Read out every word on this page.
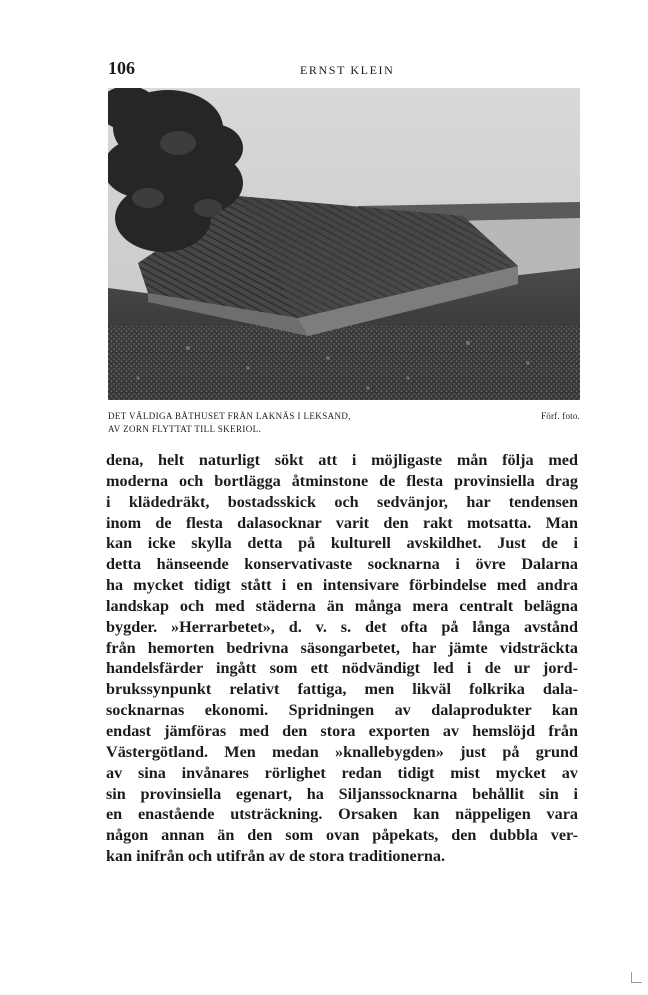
106	ERNST KLEIN
DET VÄLDIGA BÅTHUSET FRÅN LAKNÄS I LEKSAND,
AV ZORN FLYTTAT TILL SKERIOL.
Förf. foto.
dena, helt naturligt sökt att i möjligaste mån följa med
moderna och bortlägga åtminstone de flesta provinsiella drag
i klädedräkt, bostadsskick och sedvänjor, har tendensen
inom de flesta dalasocknar varit den rakt motsatta. Man
kan icke skylla detta på kulturell avskildhet. Just de i
detta hänseende konservativaste socknarna i övre Dalarna
ha mycket tidigt stått i en intensivare förbindelse med andra
landskap och med städerna än många mera centralt belägna
bygder. »Herrarbetet», d. v. s. det ofta på långa avstånd
från hemorten bedrivna säsongarbetet, har jämte vidsträckta
handelsfärder ingått som ett nödvändigt led i de ur jord-
brukssynpunkt relativt fattiga, men likväl folkrika dala-
socknarnas ekonomi. Spridningen av dalaprodukter kan
endast jämföras med den stora exporten av hemslöjd från
Västergötland. Men medan »knallebygden» just på grund
av sina invånares rörlighet redan tidigt mist mycket av
sin provinsiella egenart, ha Siljanssocknarna behållit sin i
en enastående utsträckning. Orsaken kan näppeligen vara
någon annan än den som ovan påpekats, den dubbla ver-
kan inifrån och utifrån av de stora traditionerna.
